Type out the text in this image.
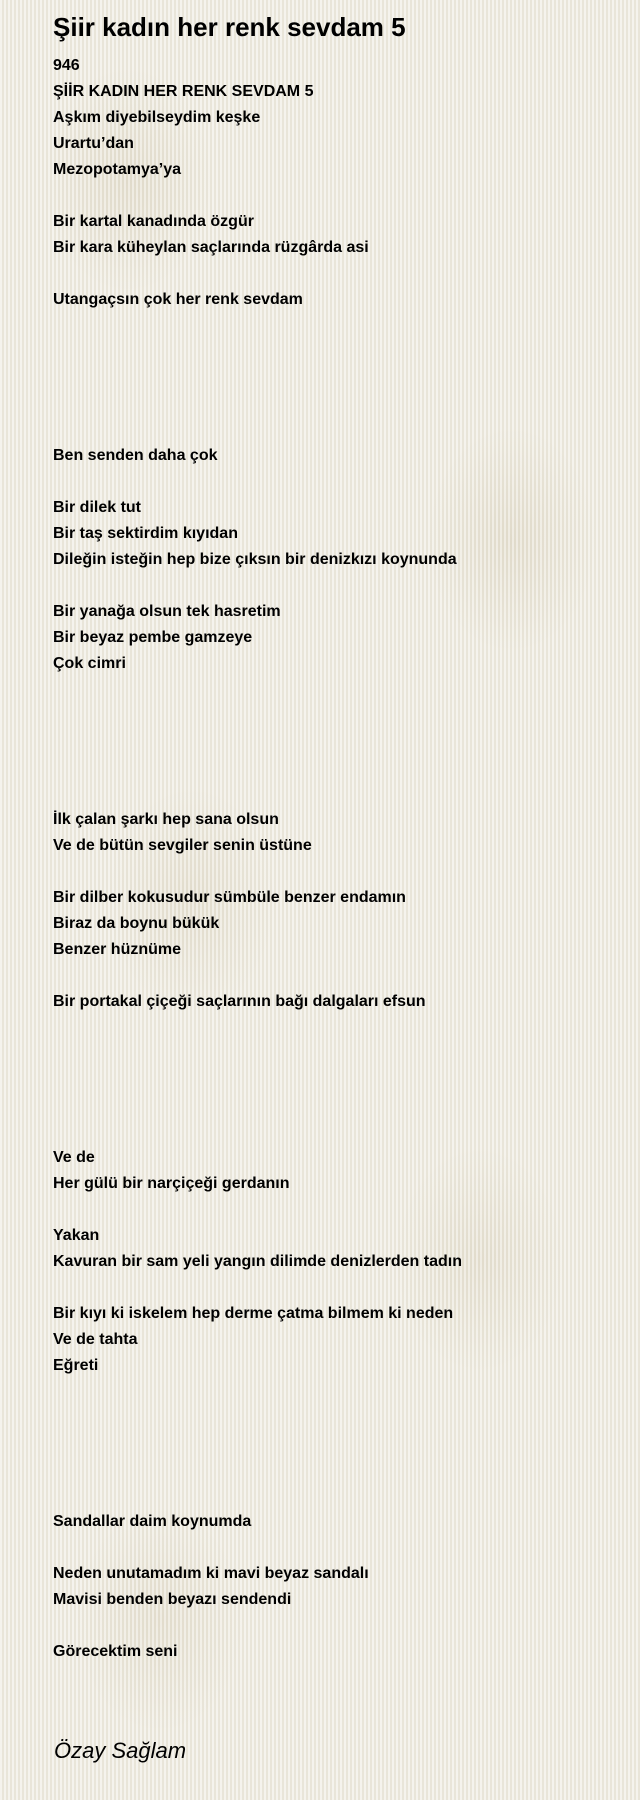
Şiir kadın her renk sevdam 5
946
ŞİİR KADIN HER RENK SEVDAM 5
Aşkım diyebilseydim keşke
Urartu’dan
Mezopotamya’ya
Bir kartal kanadında özgür
Bir kara küheylan saçlarında rüzgârda asi
Utangaçsın çok her renk sevdam
Ben senden daha çok
Bir dilek tut
Bir taş sektirdim kıyıdan
Dileğin isteğin hep bize çıksın bir denizkızı koynunda
Bir yanağa olsun tek hasretim
Bir beyaz pembe gamzeye
Çok cimri
İlk çalan şarkı hep sana olsun
Ve de bütün sevgiler senin üstüne
Bir dilber kokusudur sümbüle benzer endamın
Biraz da boynu bükük
Benzer hüznüme
Bir portakal çiçeği saçlarının bağı dalgaları efsun
Ve de
Her gülü bir narçiçeği gerdanın
Yakan
Kavuran bir sam yeli yangın dilimde denizlerden tadın
Bir kıyı ki iskelem hep derme çatma bilmem ki neden
Ve de tahta
Eğreti
Sandallar daim koynumda
Neden unutamadım ki mavi beyaz sandalı
Mavisi benden beyazı sendendi
Görecektim seni
Özay Sağlam
